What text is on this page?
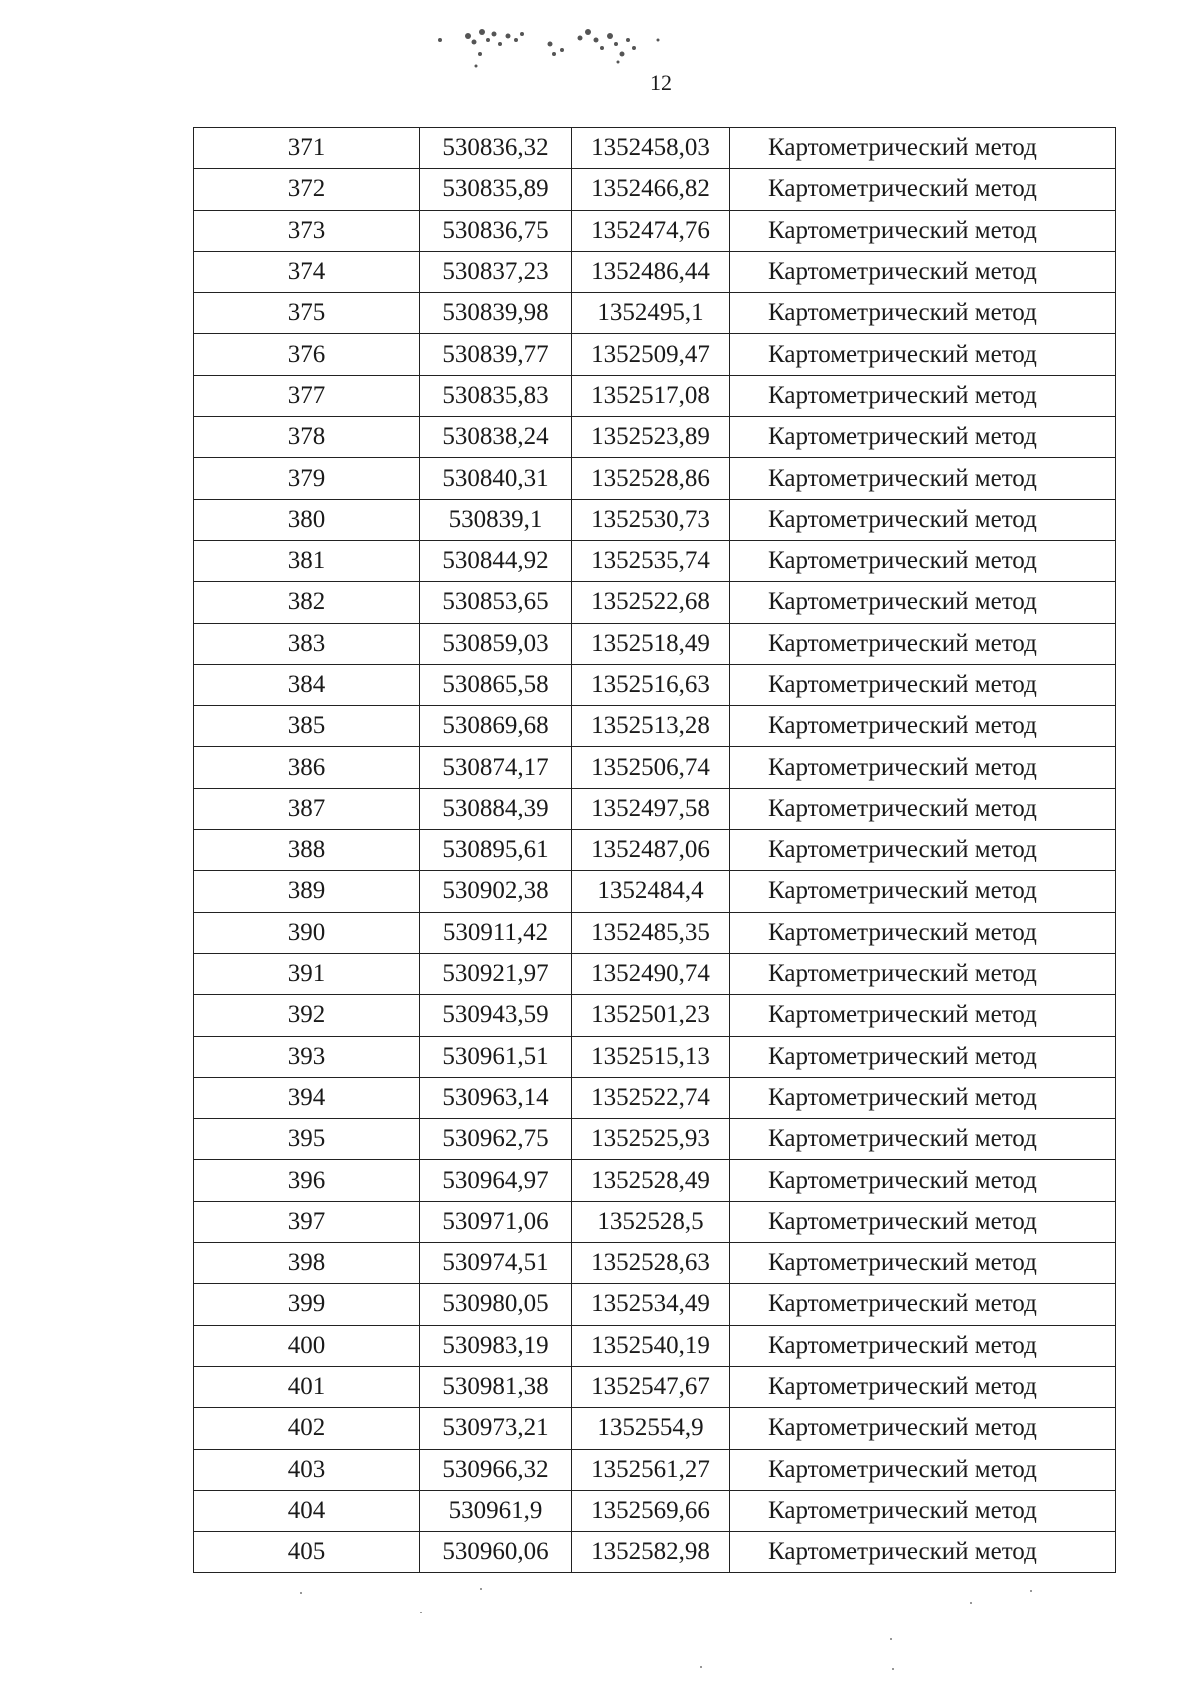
12
371	530836,32	1352458,03	Картометрический метод
372	530835,89	1352466,82	Картометрический метод
373	530836,75	1352474,76	Картометрический метод
374	530837,23	1352486,44	Картометрический метод
375	530839,98	1352495,1	Картометрический метод
376	530839,77	1352509,47	Картометрический метод
377	530835,83	1352517,08	Картометрический метод
378	530838,24	1352523,89	Картометрический метод
379	530840,31	1352528,86	Картометрический метод
380	530839,1	1352530,73	Картометрический метод
381	530844,92	1352535,74	Картометрический метод
382	530853,65	1352522,68	Картометрический метод
383	530859,03	1352518,49	Картометрический метод
384	530865,58	1352516,63	Картометрический метод
385	530869,68	1352513,28	Картометрический метод
386	530874,17	1352506,74	Картометрический метод
387	530884,39	1352497,58	Картометрический метод
388	530895,61	1352487,06	Картометрический метод
389	530902,38	1352484,4	Картометрический метод
390	530911,42	1352485,35	Картометрический метод
391	530921,97	1352490,74	Картометрический метод
392	530943,59	1352501,23	Картометрический метод
393	530961,51	1352515,13	Картометрический метод
394	530963,14	1352522,74	Картометрический метод
395	530962,75	1352525,93	Картометрический метод
396	530964,97	1352528,49	Картометрический метод
397	530971,06	1352528,5	Картометрический метод
398	530974,51	1352528,63	Картометрический метод
399	530980,05	1352534,49	Картометрический метод
400	530983,19	1352540,19	Картометрический метод
401	530981,38	1352547,67	Картометрический метод
402	530973,21	1352554,9	Картометрический метод
403	530966,32	1352561,27	Картометрический метод
404	530961,9	1352569,66	Картометрический метод
405	530960,06	1352582,98	Картометрический метод
